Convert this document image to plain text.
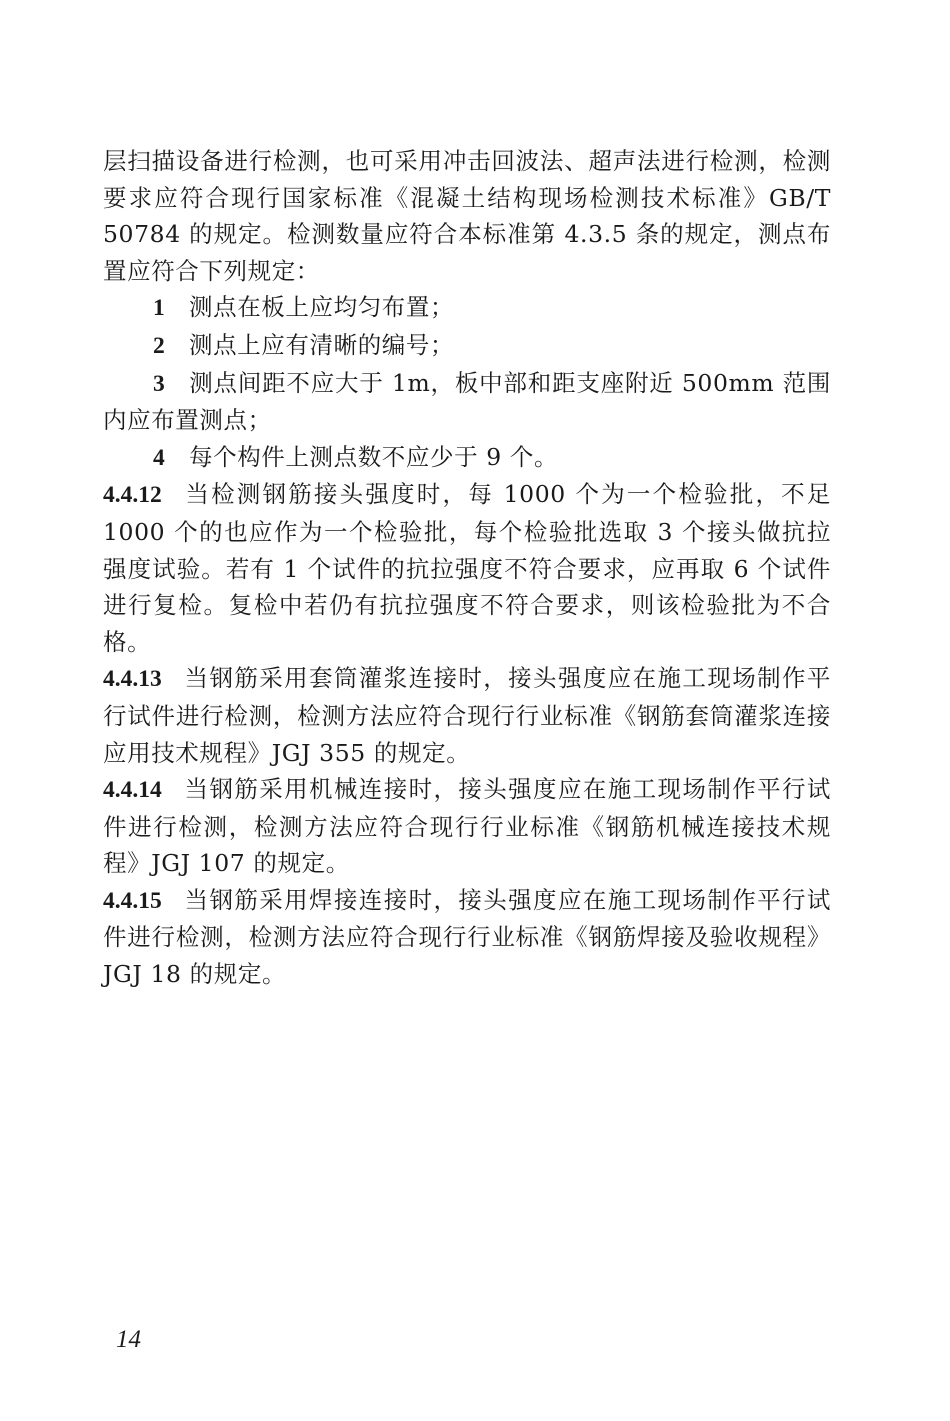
层扫描设备进行检测，也可采用冲击回波法、超声法进行检测，检测要求应符合现行国家标准《混凝土结构现场检测技术标准》GB/T 50784 的规定。检测数量应符合本标准第 4.3.5 条的规定，测点布置应符合下列规定：

1 测点在板上应均匀布置；

2 测点上应有清晰的编号；

3 测点间距不应大于 1m，板中部和距支座附近 500mm 范围内应布置测点；

4 每个构件上测点数不应少于 9 个。

4.4.12 当检测钢筋接头强度时，每 1000 个为一个检验批，不足 1000 个的也应作为一个检验批，每个检验批选取 3 个接头做抗拉强度试验。若有 1 个试件的抗拉强度不符合要求，应再取 6 个试件进行复检。复检中若仍有抗拉强度不符合要求，则该检验批为不合格。

4.4.13 当钢筋采用套筒灌浆连接时，接头强度应在施工现场制作平行试件进行检测，检测方法应符合现行行业标准《钢筋套筒灌浆连接应用技术规程》JGJ 355 的规定。

4.4.14 当钢筋采用机械连接时，接头强度应在施工现场制作平行试件进行检测，检测方法应符合现行行业标准《钢筋机械连接技术规程》JGJ 107 的规定。

4.4.15 当钢筋采用焊接连接时，接头强度应在施工现场制作平行试件进行检测，检测方法应符合现行行业标准《钢筋焊接及验收规程》JGJ 18 的规定。

14
